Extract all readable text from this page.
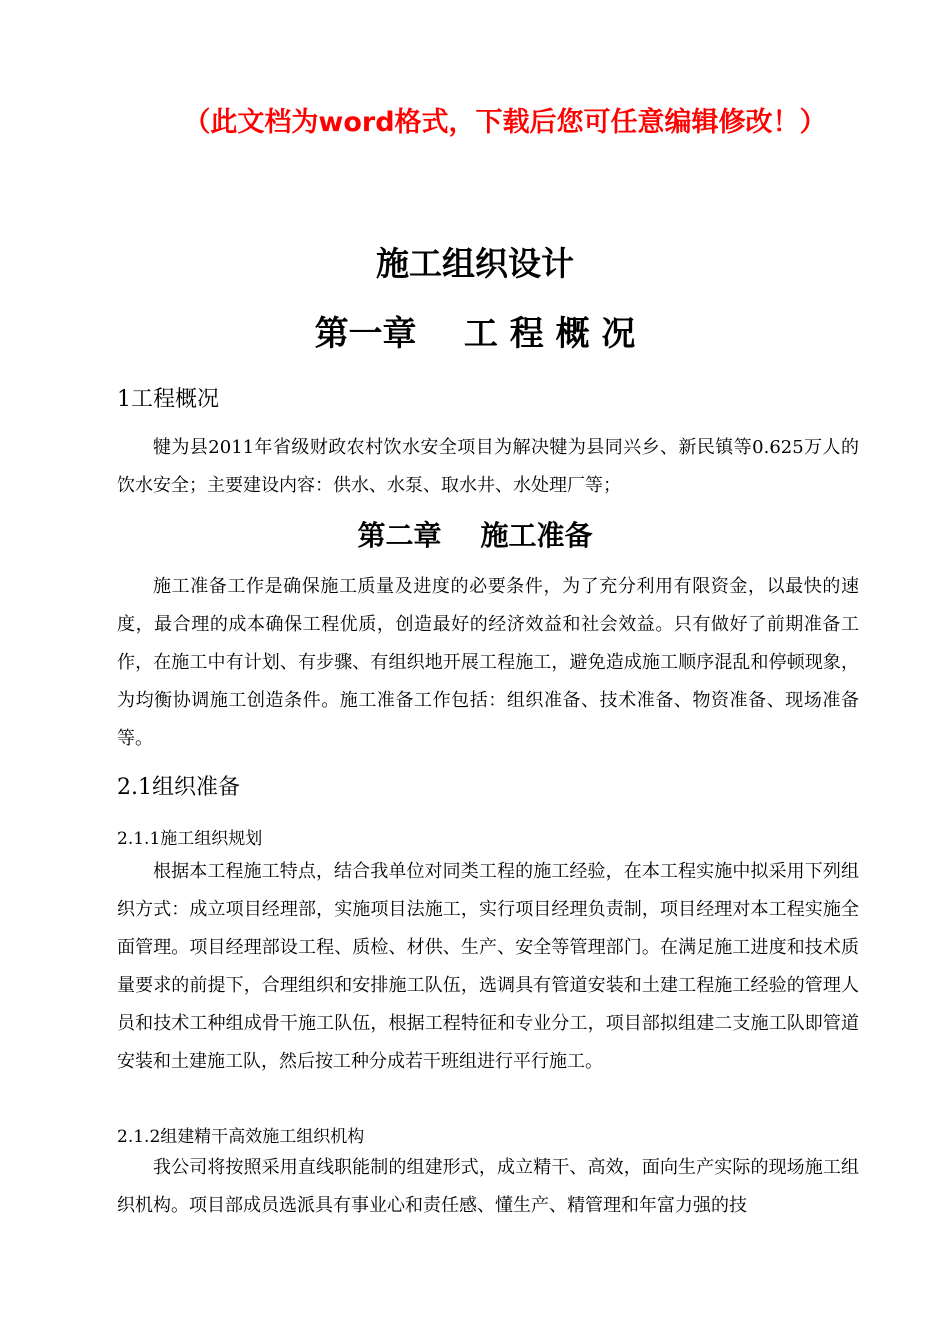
（此文档为word格式，下载后您可任意编辑修改！）
施工组织设计
第一章    工 程 概 况
1工程概况

犍为县2011年省级财政农村饮水安全项目为解决犍为县同兴乡、新民镇等0.625万人的饮水安全；主要建设内容：供水、水泵、取水井、水处理厂等；

第二章    施工准备

施工准备工作是确保施工质量及进度的必要条件，为了充分利用有限资金，以最快的速度，最合理的成本确保工程优质，创造最好的经济效益和社会效益。只有做好了前期准备工作，在施工中有计划、有步骤、有组织地开展工程施工，避免造成施工顺序混乱和停顿现象，为均衡协调施工创造条件。施工准备工作包括：组织准备、技术准备、物资准备、现场准备等。

2.1组织准备
2.1.1施工组织规划

根据本工程施工特点，结合我单位对同类工程的施工经验，在本工程实施中拟采用下列组织方式：成立项目经理部，实施项目法施工，实行项目经理负责制，项目经理对本工程实施全面管理。项目经理部设工程、质检、材供、生产、安全等管理部门。在满足施工进度和技术质量要求的前提下，合理组织和安排施工队伍，选调具有管道安装和土建工程施工经验的管理人员和技术工种组成骨干施工队伍，根据工程特征和专业分工，项目部拟组建二支施工队即管道安装和土建施工队，然后按工种分成若干班组进行平行施工。

2.1.2组建精干高效施工组织机构

我公司将按照采用直线职能制的组建形式，成立精干、高效，面向生产实际的现场施工组织机构。项目部成员选派具有事业心和责任感、懂生产、精管理和年富力强的技
